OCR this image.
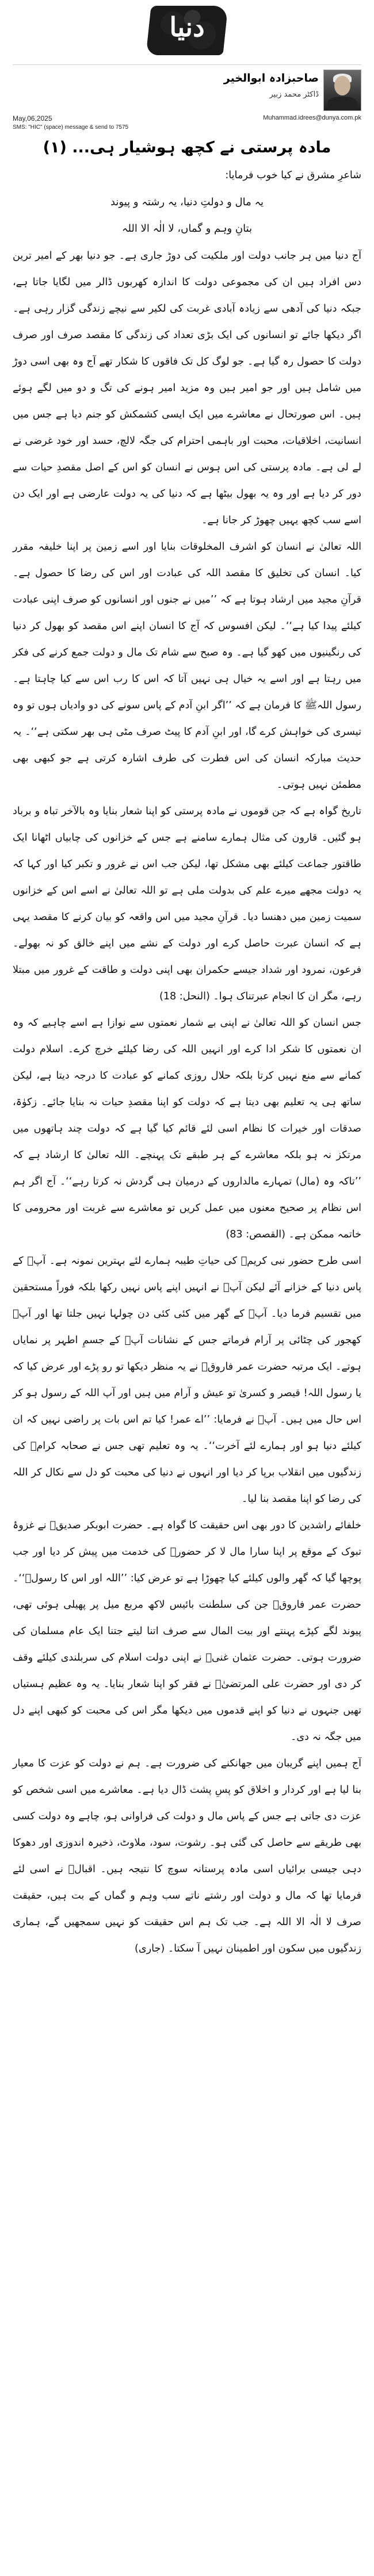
دنیا
صاحبزادہ ابوالخیر
ڈاکٹر محمد زبیر
Muhammad.idrees@dunya.com.pk
May,06,2025
SMS: "HIC" (space) message & send to 7575
مادہ پرستی نے کچھ ہوشیار ہی... (۱)

شاعرِ مشرق نے کیا خوب فرمایا:

یہ مال و دولتِ دنیا، یہ رشتہ و پیوند
بتانِ وہم و گماں، لا الٰہ الا اللہ

آج دنیا میں ہر جانب دولت اور ملکیت کی دوڑ جاری ہے۔ جو دنیا بھر کے امیر ترین دس افراد ہیں ان کی مجموعی دولت کا اندازہ کھربوں ڈالر میں لگایا جاتا ہے، جبکہ دنیا کی آدھی سے زیادہ آبادی غربت کی لکیر سے نیچے زندگی گزار رہی ہے۔ اگر دیکھا جائے تو انسانوں کی ایک بڑی تعداد کی زندگی کا مقصد صرف اور صرف دولت کا حصول رہ گیا ہے۔ جو لوگ کل تک فاقوں کا شکار تھے آج وہ بھی اسی دوڑ میں شامل ہیں اور جو امیر ہیں وہ مزید امیر ہونے کی تگ و دو میں لگے ہوئے ہیں۔ اس صورتحال نے معاشرے میں ایک ایسی کشمکش کو جنم دیا ہے جس میں انسانیت، اخلاقیات، محبت اور باہمی احترام کی جگہ لالچ، حسد اور خود غرضی نے لے لی ہے۔ مادہ پرستی کی اس ہوس نے انسان کو اس کے اصل مقصدِ حیات سے دور کر دیا ہے اور وہ یہ بھول بیٹھا ہے کہ دنیا کی یہ دولت عارضی ہے اور ایک دن اسے سب کچھ یہیں چھوڑ کر جانا ہے۔

اللہ تعالیٰ نے انسان کو اشرف المخلوقات بنایا اور اسے زمین پر اپنا خلیفہ مقرر کیا۔ انسان کی تخلیق کا مقصد اللہ کی عبادت اور اس کی رضا کا حصول ہے۔ قرآنِ مجید میں ارشاد ہوتا ہے کہ ’’میں نے جنوں اور انسانوں کو صرف اپنی عبادت کیلئے پیدا کیا ہے‘‘۔ لیکن افسوس کہ آج کا انسان اپنے اس مقصد کو بھول کر دنیا کی رنگینیوں میں کھو گیا ہے۔ وہ صبح سے شام تک مال و دولت جمع کرنے کی فکر میں رہتا ہے اور اسے یہ خیال ہی نہیں آتا کہ اس کا رب اس سے کیا چاہتا ہے۔ رسول اللہﷺ کا فرمان ہے کہ ’’اگر ابنِ آدم کے پاس سونے کی دو وادیاں ہوں تو وہ تیسری کی خواہش کرے گا، اور ابنِ آدم کا پیٹ صرف مٹی ہی بھر سکتی ہے‘‘۔ یہ حدیث مبارکہ انسان کی اس فطرت کی طرف اشارہ کرتی ہے جو کبھی بھی مطمئن نہیں ہوتی۔

تاریخ گواہ ہے کہ جن قوموں نے مادہ پرستی کو اپنا شعار بنایا وہ بالآخر تباہ و برباد ہو گئیں۔ قارون کی مثال ہمارے سامنے ہے جس کے خزانوں کی چابیاں اٹھانا ایک طاقتور جماعت کیلئے بھی مشکل تھا، لیکن جب اس نے غرور و تکبر کیا اور کہا کہ یہ دولت مجھے میرے علم کی بدولت ملی ہے تو اللہ تعالیٰ نے اسے اس کے خزانوں سمیت زمین میں دھنسا دیا۔ قرآنِ مجید میں اس واقعہ کو بیان کرنے کا مقصد یہی ہے کہ انسان عبرت حاصل کرے اور دولت کے نشے میں اپنے خالق کو نہ بھولے۔ فرعون، نمرود اور شداد جیسے حکمران بھی اپنی دولت و طاقت کے غرور میں مبتلا رہے، مگر ان کا انجام عبرتناک ہوا۔ (النحل: 18)

جس انسان کو اللہ تعالیٰ نے اپنی بے شمار نعمتوں سے نوازا ہے اسے چاہیے کہ وہ ان نعمتوں کا شکر ادا کرے اور انہیں اللہ کی رضا کیلئے خرچ کرے۔ اسلام دولت کمانے سے منع نہیں کرتا بلکہ حلال روزی کمانے کو عبادت کا درجہ دیتا ہے، لیکن ساتھ ہی یہ تعلیم بھی دیتا ہے کہ دولت کو اپنا مقصدِ حیات نہ بنایا جائے۔ زکوٰۃ، صدقات اور خیرات کا نظام اسی لئے قائم کیا گیا ہے کہ دولت چند ہاتھوں میں مرتکز نہ ہو بلکہ معاشرے کے ہر طبقے تک پہنچے۔ اللہ تعالیٰ کا ارشاد ہے کہ ’’تاکہ وہ (مال) تمہارے مالداروں کے درمیان ہی گردش نہ کرتا رہے‘‘۔ آج اگر ہم اس نظام پر صحیح معنوں میں عمل کریں تو معاشرے سے غربت اور محرومی کا خاتمہ ممکن ہے۔ (القصص: 83)

اسی طرح حضور نبی کریمﷺ کی حیاتِ طیبہ ہمارے لئے بہترین نمونہ ہے۔ آپﷺ کے پاس دنیا کے خزانے آئے لیکن آپﷺ نے انہیں اپنے پاس نہیں رکھا بلکہ فوراً مستحقین میں تقسیم فرما دیا۔ آپﷺ کے گھر میں کئی کئی دن چولہا نہیں جلتا تھا اور آپﷺ کھجور کی چٹائی پر آرام فرماتے جس کے نشانات آپﷺ کے جسمِ اطہر پر نمایاں ہوتے۔ ایک مرتبہ حضرت عمر فاروقؓ نے یہ منظر دیکھا تو رو پڑے اور عرض کیا کہ یا رسول اللہ! قیصر و کسریٰ تو عیش و آرام میں ہیں اور آپ اللہ کے رسول ہو کر اس حال میں ہیں۔ آپﷺ نے فرمایا: ’’اے عمر! کیا تم اس بات پر راضی نہیں کہ ان کیلئے دنیا ہو اور ہمارے لئے آخرت‘‘۔ یہ وہ تعلیم تھی جس نے صحابہ کرامؓ کی زندگیوں میں انقلاب برپا کر دیا اور انہوں نے دنیا کی محبت کو دل سے نکال کر اللہ کی رضا کو اپنا مقصد بنا لیا۔

خلفائے راشدین کا دور بھی اس حقیقت کا گواہ ہے۔ حضرت ابوبکر صدیقؓ نے غزوۂ تبوک کے موقع پر اپنا سارا مال لا کر حضورﷺ کی خدمت میں پیش کر دیا اور جب پوچھا گیا کہ گھر والوں کیلئے کیا چھوڑا ہے تو عرض کیا: ’’اللہ اور اس کا رسولﷺ‘‘۔ حضرت عمر فاروقؓ جن کی سلطنت بائیس لاکھ مربع میل پر پھیلی ہوئی تھی، پیوند لگے کپڑے پہنتے اور بیت المال سے صرف اتنا لیتے جتنا ایک عام مسلمان کی ضرورت ہوتی۔ حضرت عثمان غنیؓ نے اپنی دولت اسلام کی سربلندی کیلئے وقف کر دی اور حضرت علی المرتضیٰؓ نے فقر کو اپنا شعار بنایا۔ یہ وہ عظیم ہستیاں تھیں جنہوں نے دنیا کو اپنے قدموں میں دیکھا مگر اس کی محبت کو کبھی اپنے دل میں جگہ نہ دی۔

آج ہمیں اپنے گریبان میں جھانکنے کی ضرورت ہے۔ ہم نے دولت کو عزت کا معیار بنا لیا ہے اور کردار و اخلاق کو پسِ پشت ڈال دیا ہے۔ معاشرے میں اسی شخص کو عزت دی جاتی ہے جس کے پاس مال و دولت کی فراوانی ہو، چاہے وہ دولت کسی بھی طریقے سے حاصل کی گئی ہو۔ رشوت، سود، ملاوٹ، ذخیرہ اندوزی اور دھوکا دہی جیسی برائیاں اسی مادہ پرستانہ سوچ کا نتیجہ ہیں۔ اقبالؒ نے اسی لئے فرمایا تھا کہ مال و دولت اور رشتے ناتے سب وہم و گماں کے بت ہیں، حقیقت صرف لا الٰہ الا اللہ ہے۔ جب تک ہم اس حقیقت کو نہیں سمجھیں گے، ہماری زندگیوں میں سکون اور اطمینان نہیں آ سکتا۔ (جاری)
